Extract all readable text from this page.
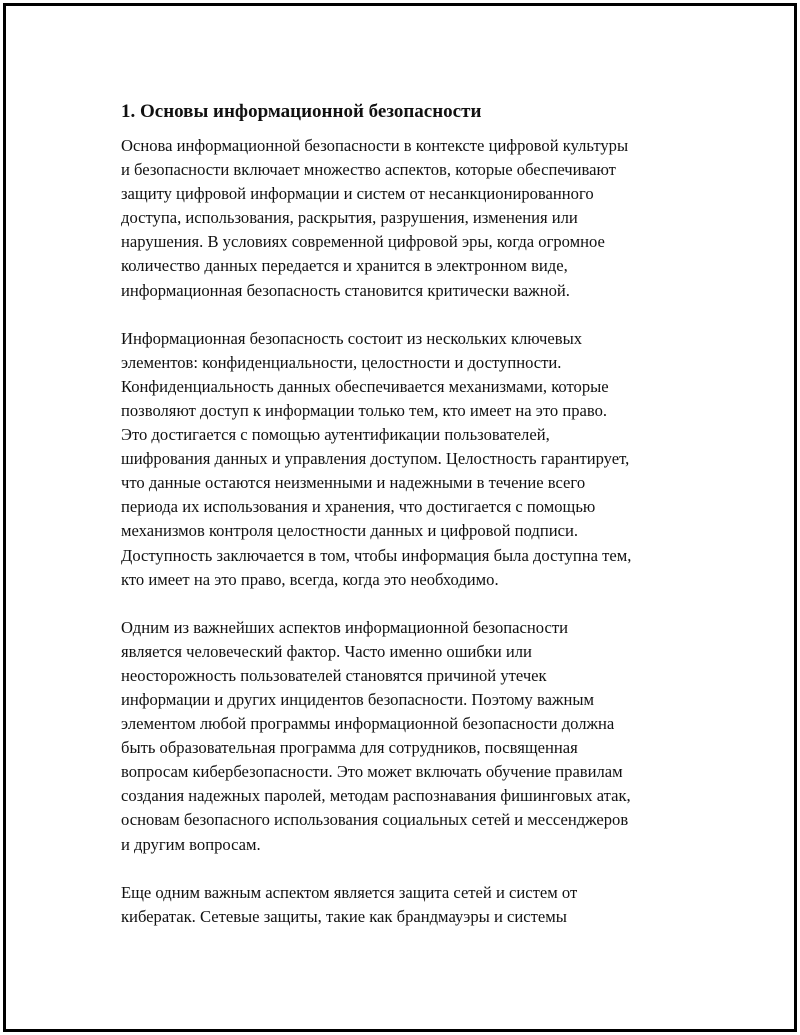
1. Основы информационной безопасности
Основа информационной безопасности в контексте цифровой культуры
и безопасности включает множество аспектов, которые обеспечивают
защиту цифровой информации и систем от несанкционированного
доступа, использования, раскрытия, разрушения, изменения или
нарушения. В условиях современной цифровой эры, когда огромное
количество данных передается и хранится в электронном виде,
информационная безопасность становится критически важной.
Информационная безопасность состоит из нескольких ключевых
элементов: конфиденциальности, целостности и доступности.
Конфиденциальность данных обеспечивается механизмами, которые
позволяют доступ к информации только тем, кто имеет на это право.
Это достигается с помощью аутентификации пользователей,
шифрования данных и управления доступом. Целостность гарантирует,
что данные остаются неизменными и надежными в течение всего
периода их использования и хранения, что достигается с помощью
механизмов контроля целостности данных и цифровой подписи.
Доступность заключается в том, чтобы информация была доступна тем,
кто имеет на это право, всегда, когда это необходимо.
Одним из важнейших аспектов информационной безопасности
является человеческий фактор. Часто именно ошибки или
неосторожность пользователей становятся причиной утечек
информации и других инцидентов безопасности. Поэтому важным
элементом любой программы информационной безопасности должна
быть образовательная программа для сотрудников, посвященная
вопросам кибербезопасности. Это может включать обучение правилам
создания надежных паролей, методам распознавания фишинговых атак,
основам безопасного использования социальных сетей и мессенджеров
и другим вопросам.
Еще одним важным аспектом является защита сетей и систем от
кибератак. Сетевые защиты, такие как брандмауэры и системы
